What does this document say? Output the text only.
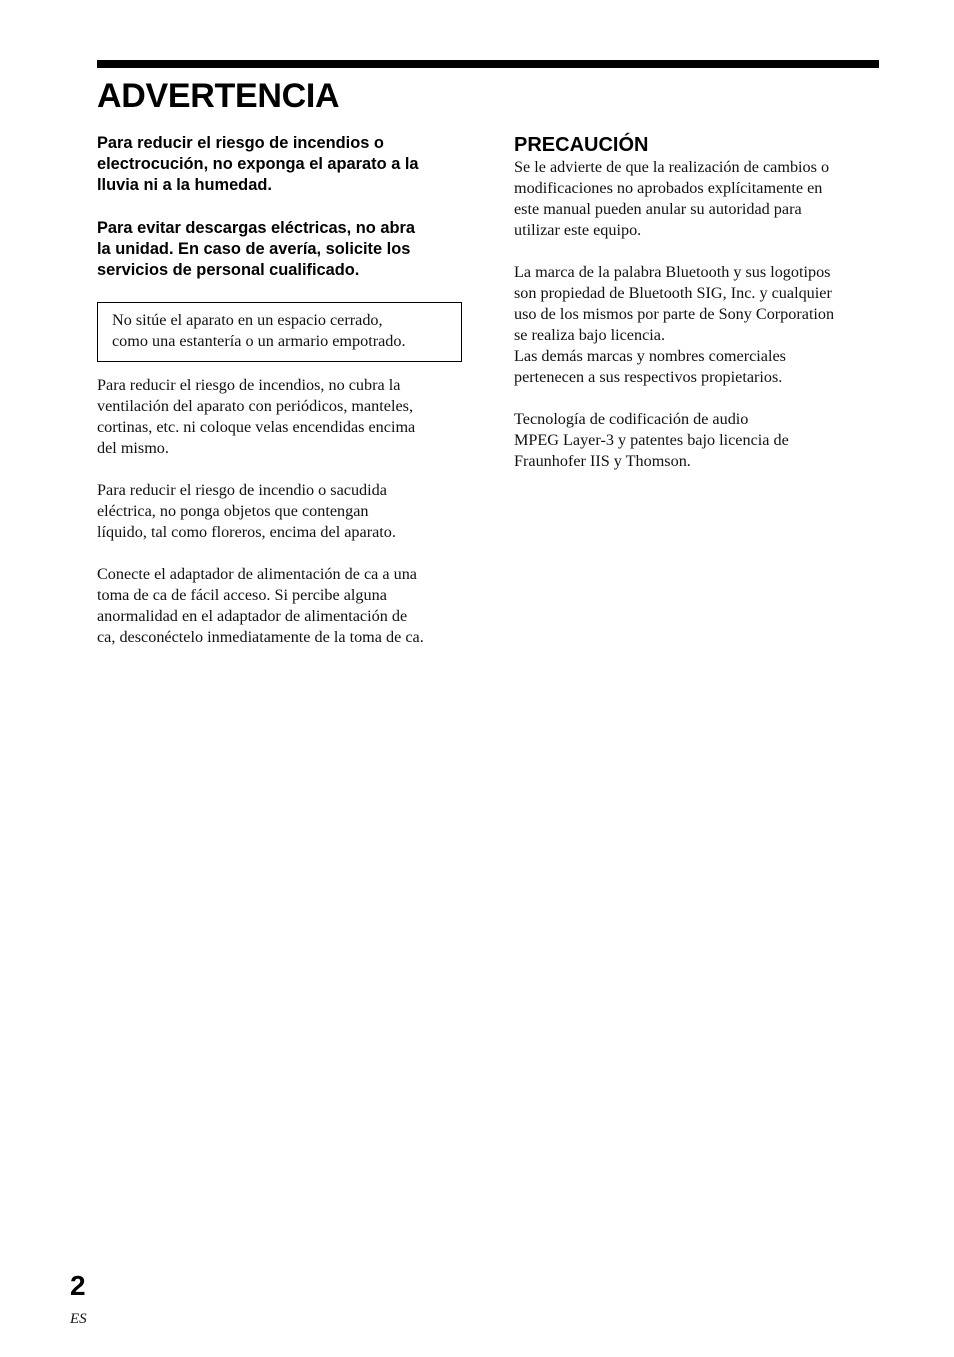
ADVERTENCIA

Para reducir el riesgo de incendios o
electrocución, no exponga el aparato a la
lluvia ni a la humedad.

Para evitar descargas eléctricas, no abra
la unidad. En caso de avería, solicite los
servicios de personal cualificado.

No sitúe el aparato en un espacio cerrado,
como una estantería o un armario empotrado.
Para reducir el riesgo de incendios, no cubra la
ventilación del aparato con periódicos, manteles,
cortinas, etc. ni coloque velas encendidas encima
del mismo.
Para reducir el riesgo de incendio o sacudida
eléctrica, no ponga objetos que contengan
líquido, tal como floreros, encima del aparato.
Conecte el adaptador de alimentación de ca a una
toma de ca de fácil acceso. Si percibe alguna
anormalidad en el adaptador de alimentación de
ca, desconéctelo inmediatamente de la toma de ca.
PRECAUCIÓN
Se le advierte de que la realización de cambios o
modificaciones no aprobados explícitamente en
este manual pueden anular su autoridad para
utilizar este equipo.
La marca de la palabra Bluetooth y sus logotipos
son propiedad de Bluetooth SIG, Inc. y cualquier
uso de los mismos por parte de Sony Corporation
se realiza bajo licencia.
Las demás marcas y nombres comerciales
pertenecen a sus respectivos propietarios.
Tecnología de codificación de audio
MPEG Layer-3 y patentes bajo licencia de
Fraunhofer IIS y Thomson.
2
ES
